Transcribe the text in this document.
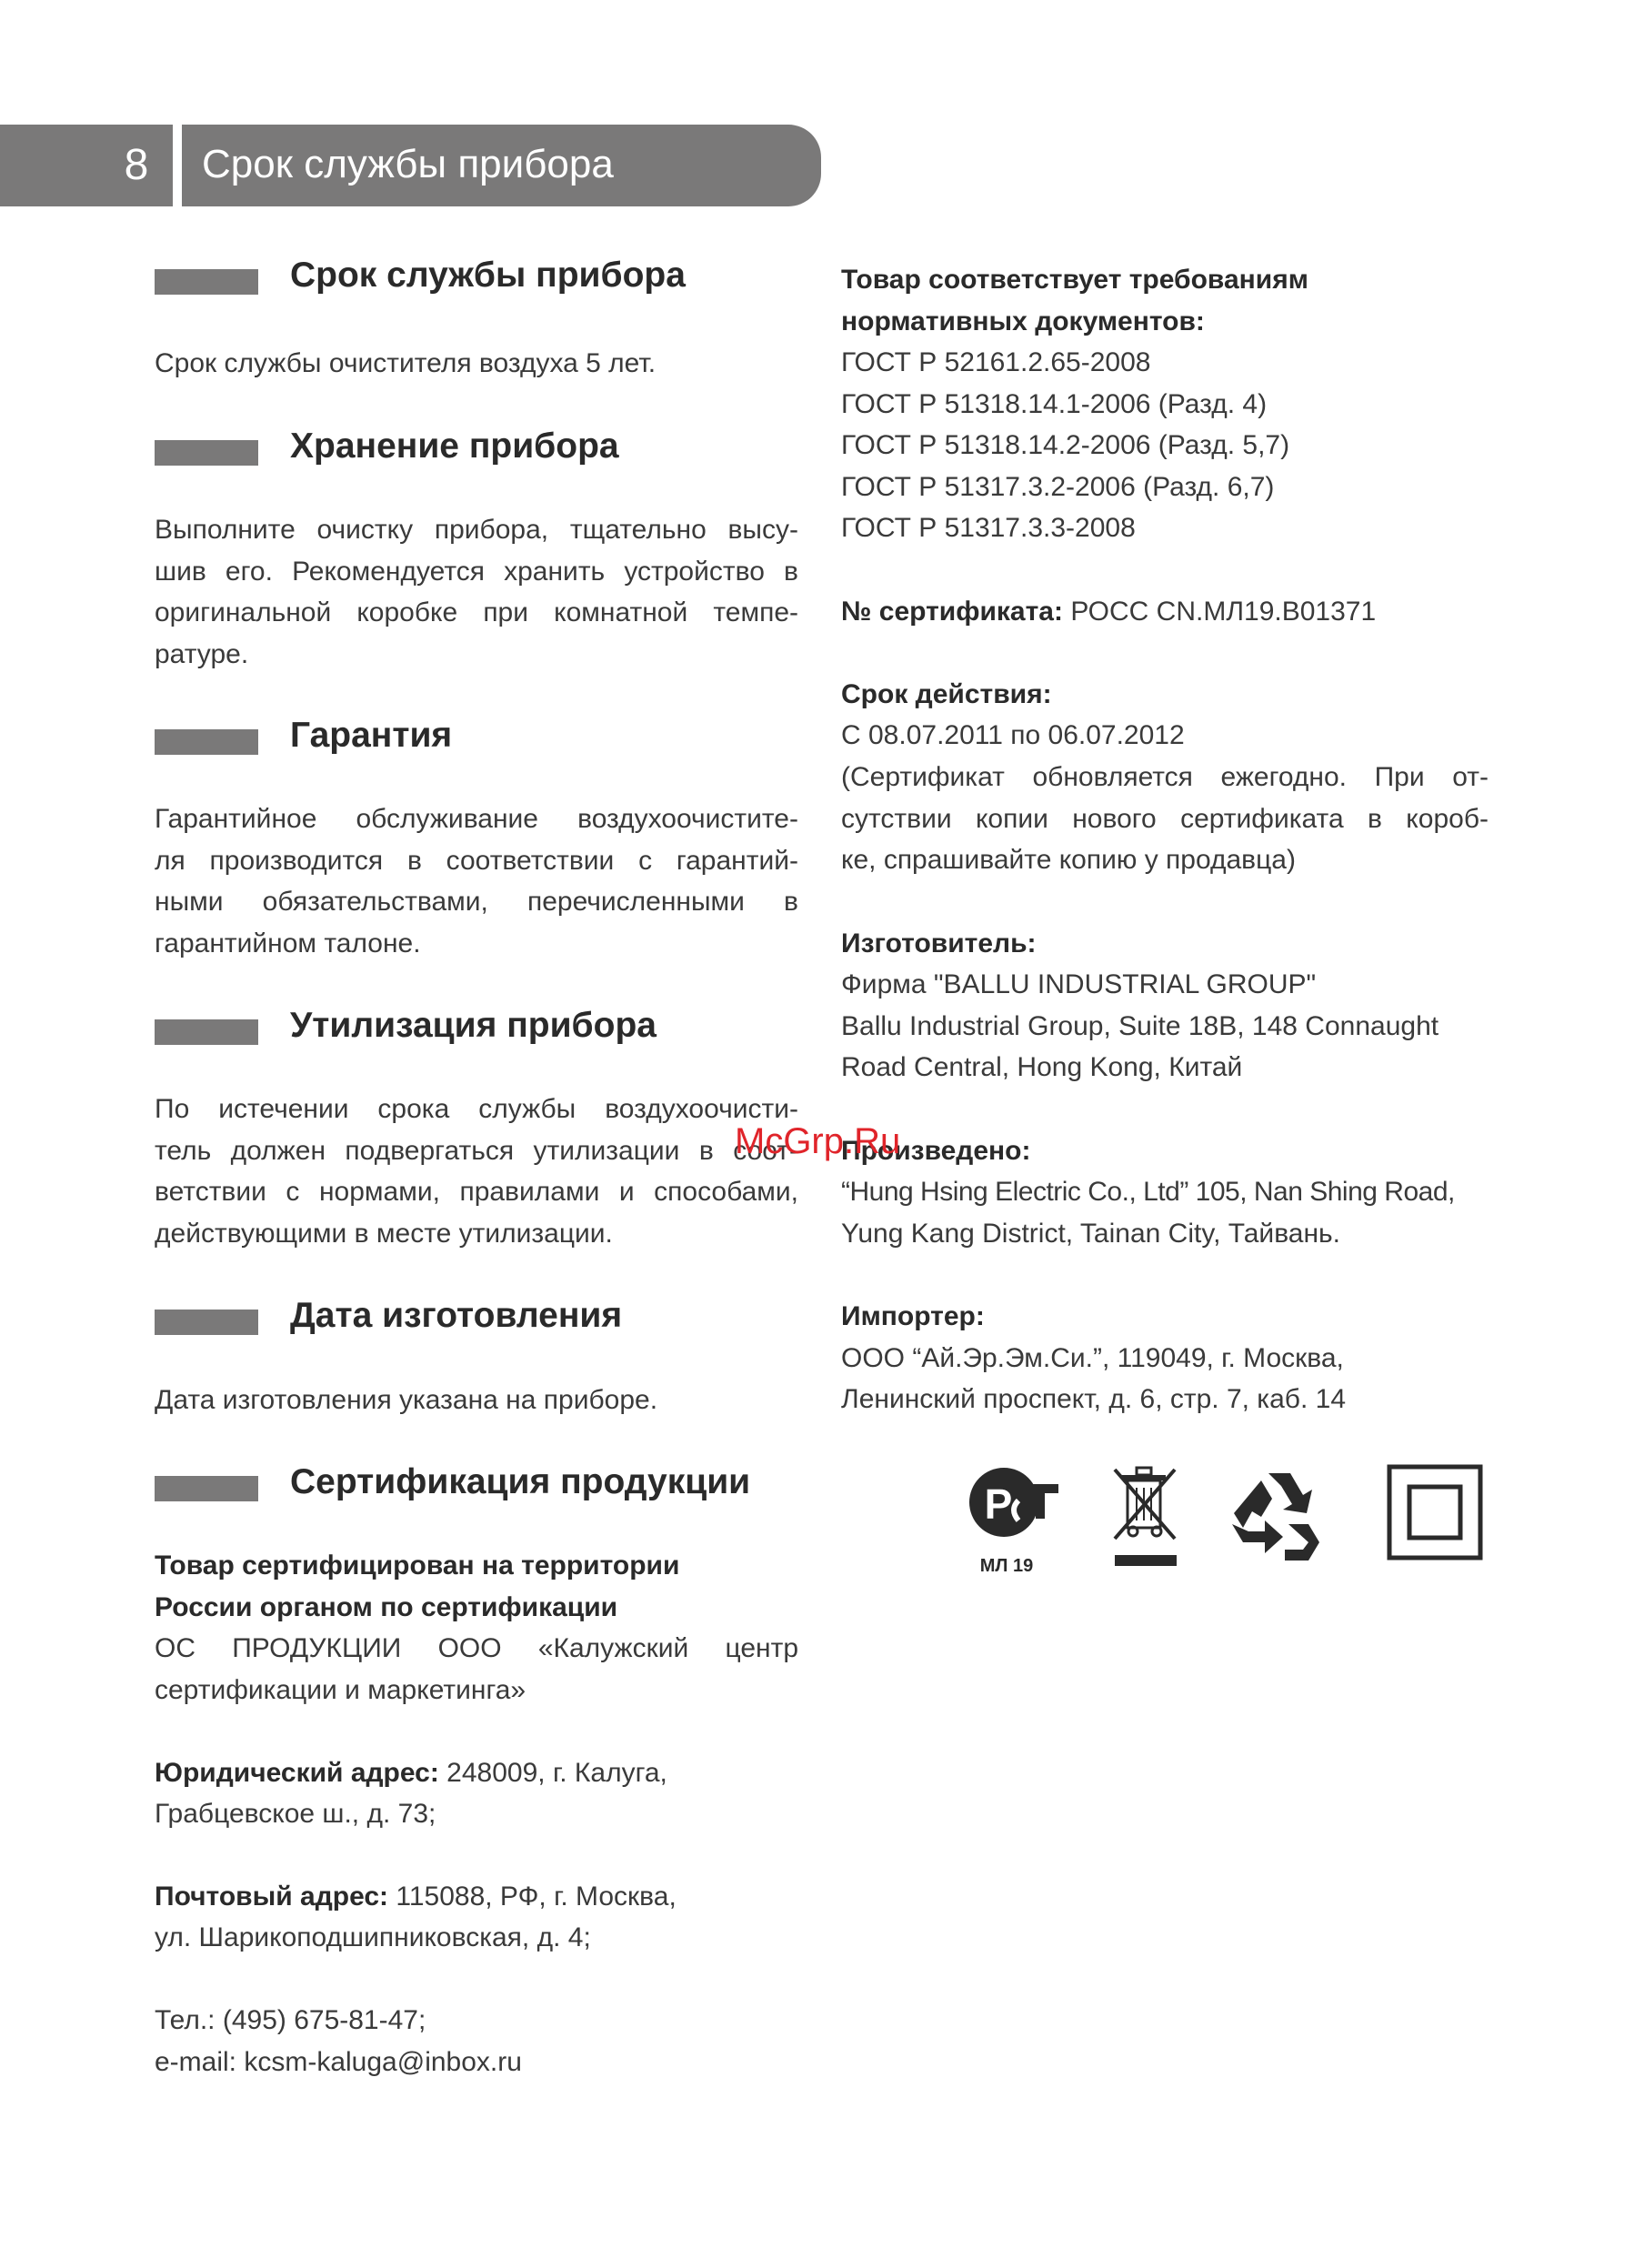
8	Срок службы прибора
Срок службы прибора
Срок службы очистителя воздуха 5 лет.
Хранение прибора
Выполните очистку прибора, тщательно высу-
шив его. Рекомендуется хранить устройство в
оригинальной коробке при комнатной темпе-
ратуре.
Гарантия
Гарантийное обслуживание воздухоочистите-
ля производится в соответствии с гарантий-
ными обязательствами, перечисленными в
гарантийном талоне.
Утилизация прибора
По истечении срока службы воздухоочисти-
тель должен подвергаться утилизации в соот-
ветствии с нормами, правилами и способами,
действующими в месте утилизации.
Дата изготовления
Дата изготовления указана на приборе.
Сертификация продукции
Товар сертифицирован на территории
России органом по сертификации
ОС ПРОДУКЦИИ ООО «Калужский центр
сертификации и маркетинга»
Юридический адрес: 248009, г. Калуга,
Грабцевское ш., д. 73;
Почтовый адрес: 115088, РФ, г. Москва,
ул. Шарикоподшипниковская, д. 4;
Тел.: (495) 675-81-47;
e-mail: kcsm-kaluga@inbox.ru
Товар соответствует требованиям
нормативных документов:
ГОСТ Р 52161.2.65-2008
ГОСТ Р 51318.14.1-2006 (Разд. 4)
ГОСТ Р 51318.14.2-2006 (Разд. 5,7)
ГОСТ Р 51317.3.2-2006 (Разд. 6,7)
ГОСТ Р 51317.3.3-2008
№ сертификата: РОСС CN.МЛ19.В01371
Срок действия:
С 08.07.2011 по 06.07.2012
(Сертификат обновляется ежегодно. При от-
сутствии копии нового сертификата в короб-
ке, спрашивайте копию у продавца)
Изготовитель:
Фирма "BALLU INDUSTRIAL GROUP"
Ballu Industrial Group, Suite 18B, 148 Connaught
Road Central, Hong Kong, Китай
Произведено:
“Hung Hsing Electric Co., Ltd” 105, Nan Shing Road,
Yung Kang District, Tainan City, Тайвань.
Импортер:
ООО “Ай.Эр.Эм.Си.”, 119049, г. Москва,
Ленинский проспект, д. 6, стр. 7, каб. 14
Р
МЛ 19
McGrp.Ru
